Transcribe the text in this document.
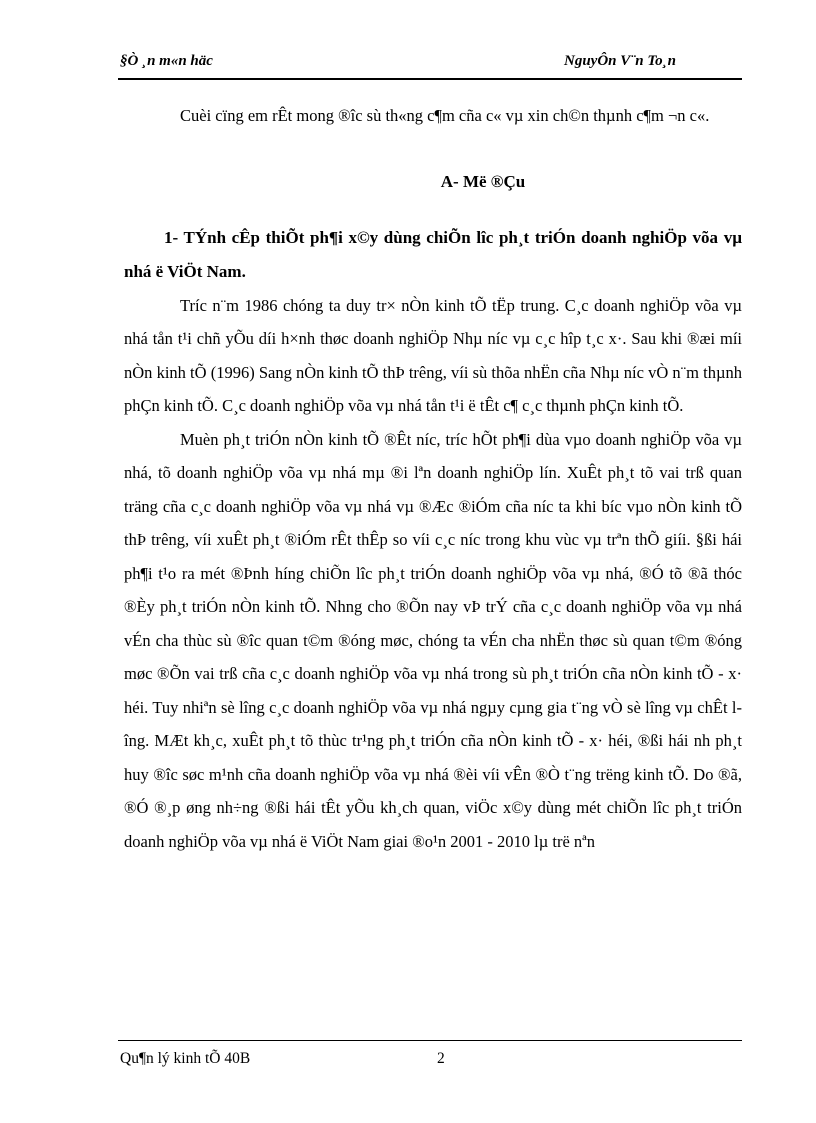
§Ò ¸n m«n häc	NguyÔn V¨n To¸n

Cuèi cïng em rÊt mong ®îc sù th«ng c¶m cña c« vµ xin ch©n thµnh c¶m ¬n c«.

A- Më ®Çu

1- TÝnh cÊp thiÕt ph¶i x©y dùng chiÕn lîc ph¸t triÓn doanh nghiÖp võa vµ nhá ë ViÖt Nam.

Tríc n¨m 1986 chóng ta duy tr× nÒn kinh tÕ tËp trung. C¸c doanh nghiÖp võa vµ nhá tån t¹i chñ yÕu díi h×nh thøc doanh nghiÖp Nhµ níc vµ c¸c hîp t¸c x·. Sau khi ®æi míi nÒn kinh tÕ (1996) Sang nÒn kinh tÕ thÞ trêng, víi sù thõa nhËn cña Nhµ níc vÒ n¨m thµnh phÇn kinh tÕ. C¸c doanh nghiÖp võa vµ nhá tån t¹i ë tÊt c¶ c¸c thµnh phÇn kinh tÕ.

Muèn ph¸t triÓn nÒn kinh tÕ ®Êt níc, tríc hÕt ph¶i dùa vµo doanh nghiÖp võa vµ nhá, tõ doanh nghiÖp võa vµ nhá mµ ®i lªn doanh nghiÖp lín. XuÊt ph¸t tõ vai trß quan träng cña c¸c doanh nghiÖp võa vµ nhá vµ ®Æc ®iÓm cña níc ta khi bíc vµo nÒn kinh tÕ thÞ trêng, víi xuÊt ph¸t ®iÓm rÊt thÊp so víi c¸c níc trong khu vùc vµ trªn thÕ giíi. §ßi hái ph¶i t¹o ra mét ®Þnh híng chiÕn lîc ph¸t triÓn doanh nghiÖp võa vµ nhá, ®Ó tõ ®ã thóc ®Èy ph¸t triÓn nÒn kinh tÕ. Nhng cho ®Õn nay vÞ trÝ cña c¸c doanh nghiÖp võa vµ nhá vÉn cha thùc sù ®îc quan t©m ®óng møc, chóng ta vÉn cha nhËn thøc sù quan t©m ®óng møc ®Õn vai trß cña c¸c doanh nghiÖp võa vµ nhá trong sù ph¸t triÓn cña nÒn kinh tÕ - x· héi. Tuy nhiªn sè lîng c¸c doanh nghiÖp võa vµ nhá ngµy cµng gia t¨ng vÒ sè lîng vµ chÊt lîng. MÆt kh¸c, xuÊt ph¸t tõ thùc tr¹ng ph¸t triÓn cña nÒn kinh tÕ - x· héi, ®ßi hái nh ph¸t huy ®îc søc m¹nh cña doanh nghiÖp võa vµ nhá ®èi víi vÊn ®Ò t¨ng trëng kinh tÕ. Do ®ã, ®Ó ®¸p øng nh÷ng ®ßi hái tÊt yÕu kh¸ch quan, viÖc x©y dùng mét chiÕn lîc ph¸t triÓn doanh nghiÖp võa vµ nhá ë ViÖt Nam giai ®o¹n 2001 - 2010 lµ trë nªn

Qu¶n lý kinh tÕ 40B	2
